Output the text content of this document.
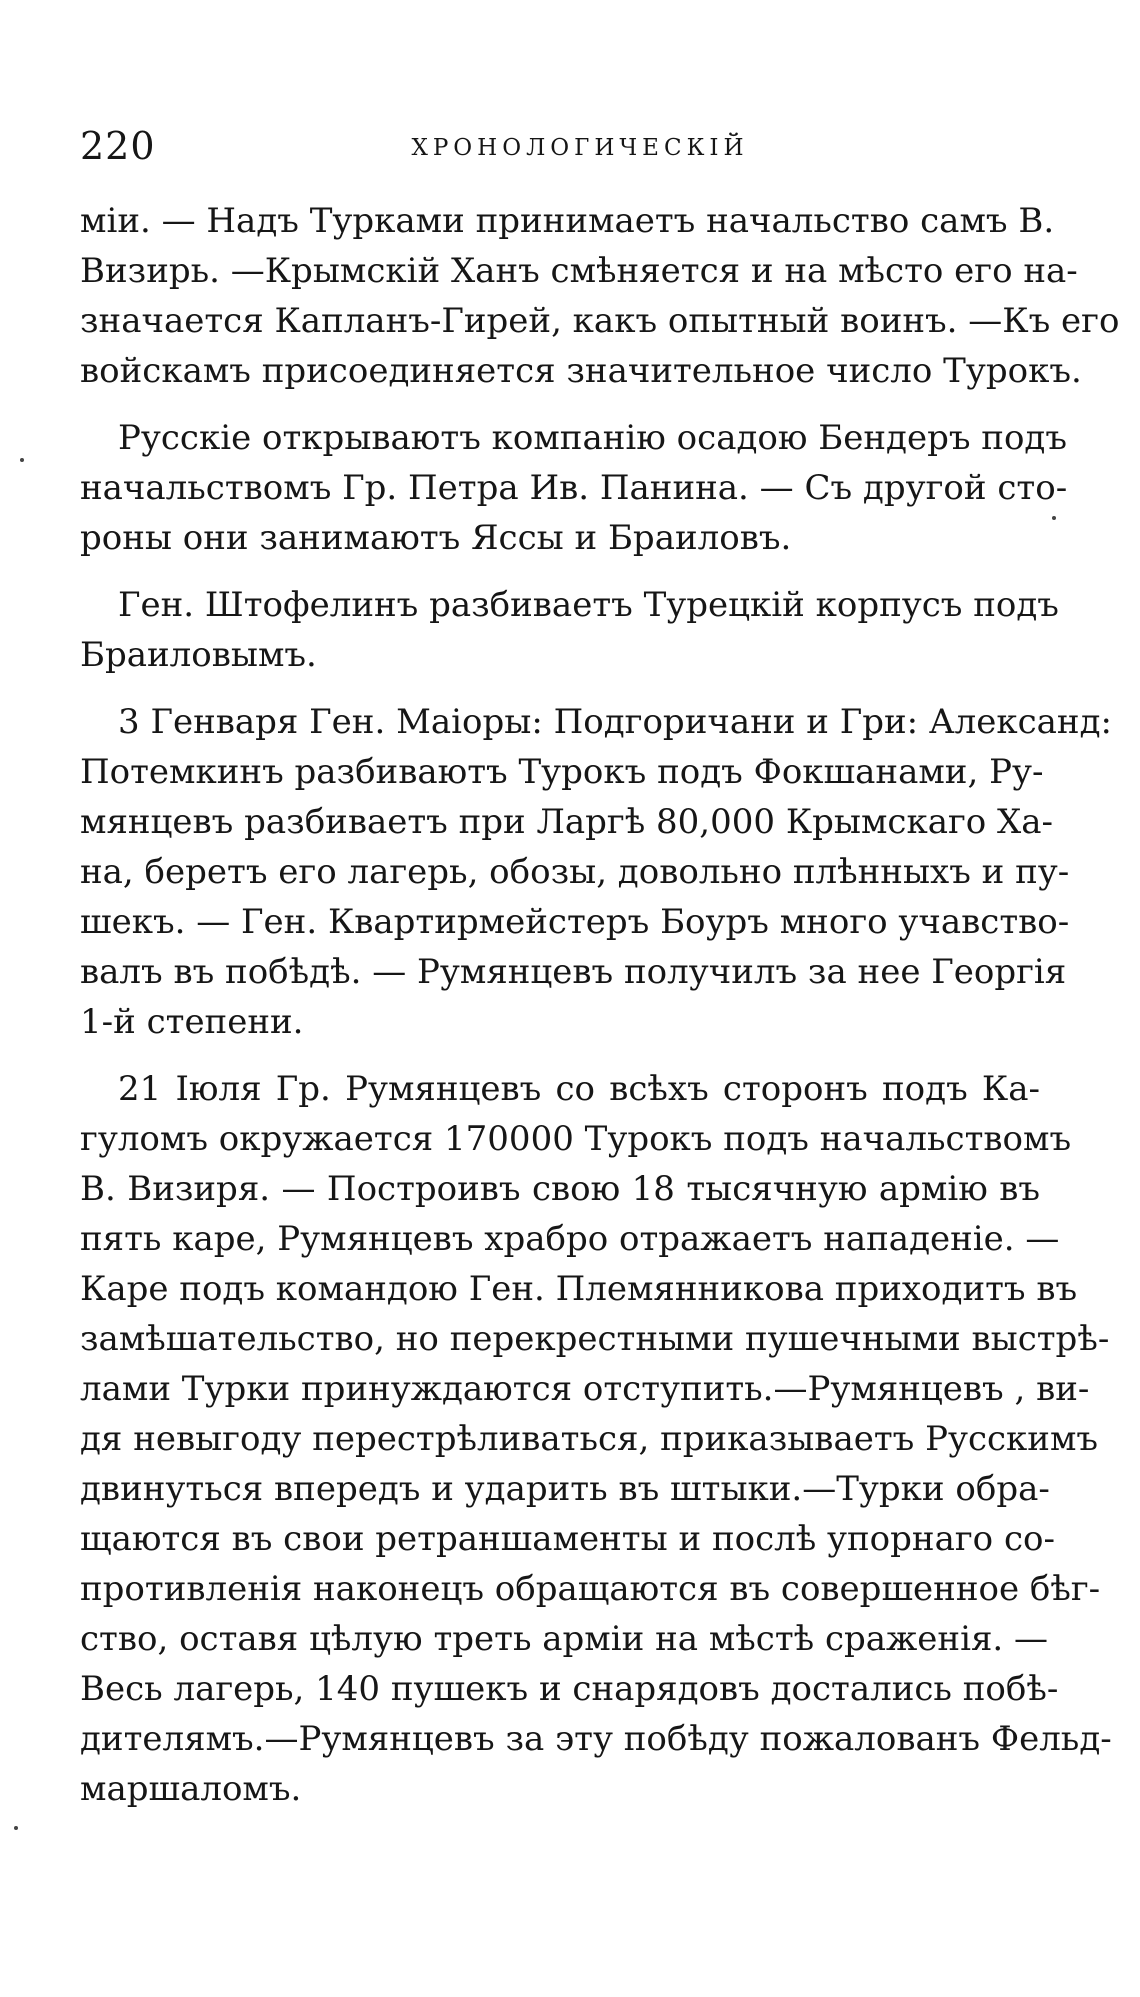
220	ХРОНОЛОГИЧЕСКІЙ

міи. — Надъ Турками принимаетъ начальство самъ В.
Визирь. —Крымскій Ханъ смѣняется и на мѣсто его на-
значается Капланъ-Гирей, какъ опытный воинъ. —Къ его
войскамъ присоединяется значительное число Турокъ.

Русскіе открываютъ компанію осадою Бендеръ подъ
начальствомъ Гр. Петра Ив. Панина. — Съ другой сто-
роны они занимаютъ Яссы и Браиловъ.

Ген. Штофелинъ разбиваетъ Турецкій корпусъ подъ
Браиловымъ.

3 Генваря Ген. Маіоры: Подгоричани и Гри: Александ:
Потемкинъ разбиваютъ Турокъ подъ Фокшанами, Ру-
мянцевъ разбиваетъ при Ларгѣ 80,000 Крымскаго Ха-
на, беретъ его лагерь, обозы, довольно плѣнныхъ и пу-
шекъ. — Ген. Квартирмейстеръ Боуръ много учавство-
валъ въ побѣдѣ. — Румянцевъ получилъ за нее Георгія
1-й степени.

21 Іюля Гр. Румянцевъ со всѣхъ сторонъ подъ Ка-
гуломъ окружается 170000 Турокъ подъ начальствомъ
В. Визиря. — Построивъ свою 18 тысячную армію въ
пять каре, Румянцевъ храбро отражаетъ нападеніе. —
Каре подъ командою Ген. Племянникова приходитъ въ
замѣшательство, но перекрестными пушечными выстрѣ-
лами Турки принуждаются отступить.—Румянцевъ , ви-
дя невыгоду перестрѣливаться, приказываетъ Русскимъ
двинуться впередъ и ударить въ штыки.—Турки обра-
щаются въ свои ретраншаменты и послѣ упорнаго со-
противленія наконецъ обращаются въ совершенное бѣг-
ство, оставя цѣлую треть арміи на мѣстѣ сраженія. —
Весь лагерь, 140 пушекъ и снарядовъ достались побѣ-
дителямъ.—Румянцевъ за эту побѣду пожалованъ Фельд-
маршаломъ.
